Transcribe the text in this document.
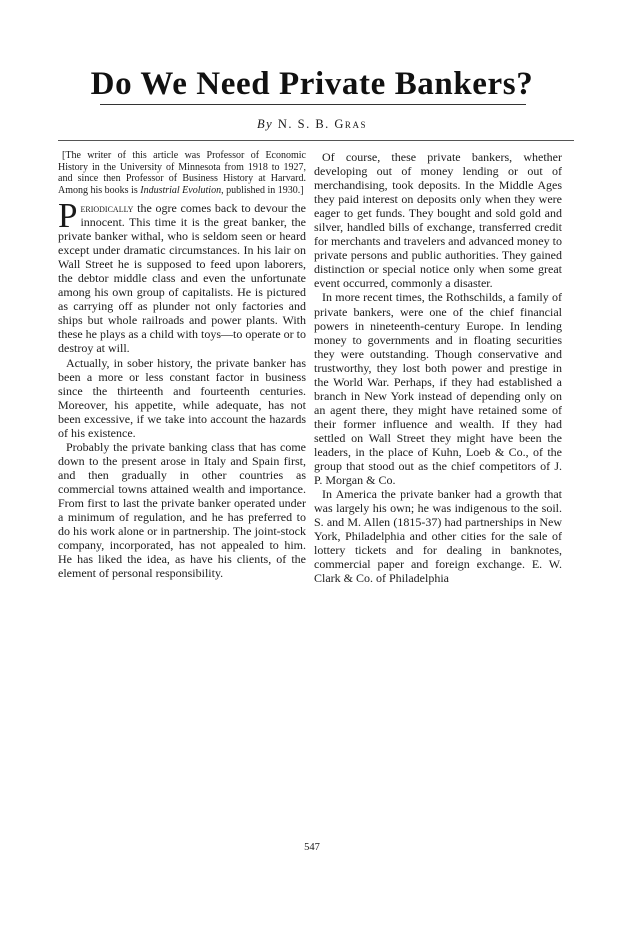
Do We Need Private Bankers?
By N. S. B. Gras

[The writer of this article was Professor of Economic History in the University of Minnesota from 1918 to 1927, and since then Professor of Business History at Harvard. Among his books is Industrial Evolution, published in 1930.]

Periodically the ogre comes back to devour the innocent. This time it is the great banker, the private banker withal, who is seldom seen or heard except under dramatic circumstances. In his lair on Wall Street he is supposed to feed upon laborers, the debtor middle class and even the unfortunate among his own group of capitalists. He is pictured as carrying off as plunder not only factories and ships but whole railroads and power plants. With these he plays as a child with toys—to operate or to destroy at will.

Actually, in sober history, the private banker has been a more or less constant factor in business since the thirteenth and fourteenth centuries. Moreover, his appetite, while adequate, has not been excessive, if we take into account the hazards of his existence.

Probably the private banking class that has come down to the present arose in Italy and Spain first, and then gradually in other countries as commercial towns attained wealth and importance. From first to last the private banker operated under a minimum of regulation, and he has preferred to do his work alone or in partnership. The joint-stock company, incorporated, has not appealed to him. He has liked the idea, as have his clients, of the element of personal responsibility.

Of course, these private bankers, whether developing out of money lending or out of merchandising, took deposits. In the Middle Ages they paid interest on deposits only when they were eager to get funds. They bought and sold gold and silver, handled bills of exchange, transferred credit for merchants and travelers and advanced money to private persons and public authorities. They gained distinction or special notice only when some great event occurred, commonly a disaster.

In more recent times, the Rothschilds, a family of private bankers, were one of the chief financial powers in nineteenth-century Europe. In lending money to governments and in floating securities they were outstanding. Though conservative and trustworthy, they lost both power and prestige in the World War. Perhaps, if they had established a branch in New York instead of depending only on an agent there, they might have retained some of their former influence and wealth. If they had settled on Wall Street they might have been the leaders, in the place of Kuhn, Loeb & Co., of the group that stood out as the chief competitors of J. P. Morgan & Co.

In America the private banker had a growth that was largely his own; he was indigenous to the soil. S. and M. Allen (1815-37) had partnerships in New York, Philadelphia and other cities for the sale of lottery tickets and for dealing in banknotes, commercial paper and foreign exchange. E. W. Clark & Co. of Philadelphia

547
